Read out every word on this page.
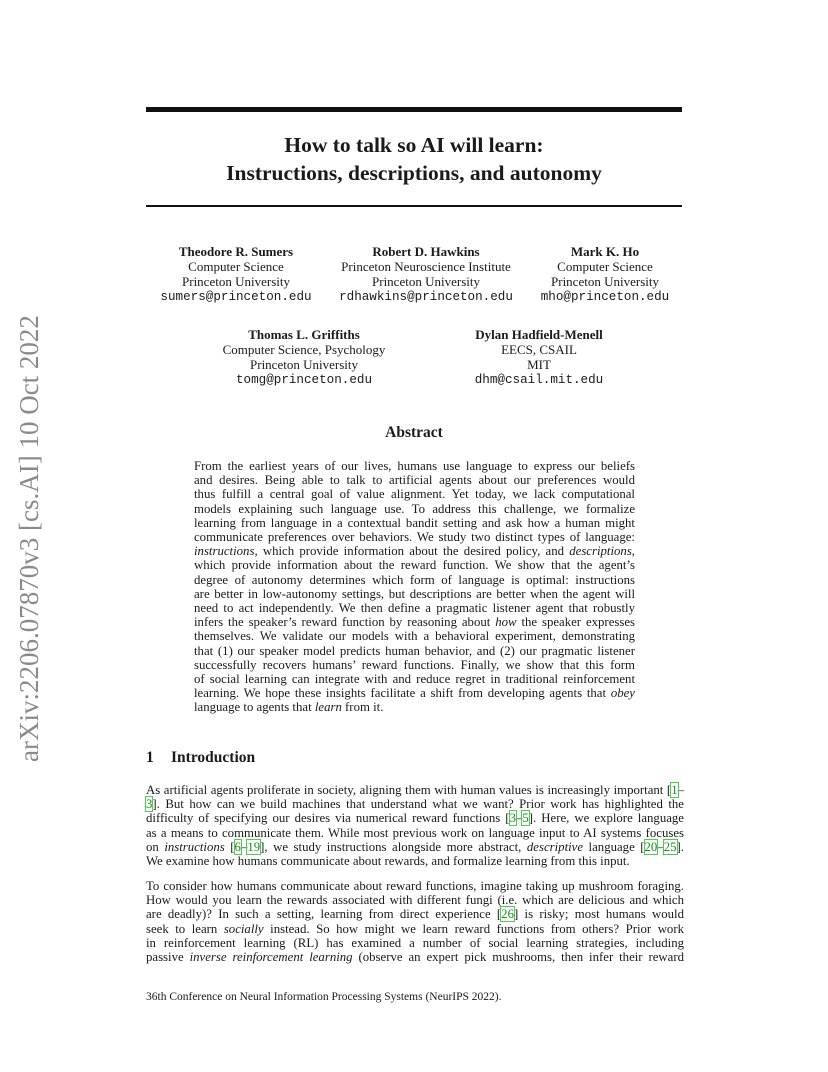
arXiv:2206.07870v3 [cs.AI] 10 Oct 2022
How to talk so AI will learn:
Instructions, descriptions, and autonomy
Theodore R. Sumers
Computer Science
Princeton University
sumers@princeton.edu
Robert D. Hawkins
Princeton Neuroscience Institute
Princeton University
rdhawkins@princeton.edu
Mark K. Ho
Computer Science
Princeton University
mho@princeton.edu
Thomas L. Griffiths
Computer Science, Psychology
Princeton University
tomg@princeton.edu
Dylan Hadfield-Menell
EECS, CSAIL
MIT
dhm@csail.mit.edu
Abstract
From the earliest years of our lives, humans use language to express our beliefs
and desires. Being able to talk to artificial agents about our preferences would
thus fulfill a central goal of value alignment. Yet today, we lack computational
models explaining such language use. To address this challenge, we formalize
learning from language in a contextual bandit setting and ask how a human might
communicate preferences over behaviors. We study two distinct types of language:
instructions, which provide information about the desired policy, and descriptions,
which provide information about the reward function. We show that the agent’s
degree of autonomy determines which form of language is optimal: instructions
are better in low-autonomy settings, but descriptions are better when the agent will
need to act independently. We then define a pragmatic listener agent that robustly
infers the speaker’s reward function by reasoning about how the speaker expresses
themselves. We validate our models with a behavioral experiment, demonstrating
that (1) our speaker model predicts human behavior, and (2) our pragmatic listener
successfully recovers humans’ reward functions. Finally, we show that this form
of social learning can integrate with and reduce regret in traditional reinforcement
learning. We hope these insights facilitate a shift from developing agents that obey
language to agents that learn from it.
1 Introduction
As artificial agents proliferate in society, aligning them with human values is increasingly important [1–
3]. But how can we build machines that understand what we want? Prior work has highlighted the
difficulty of specifying our desires via numerical reward functions [3–5]. Here, we explore language
as a means to communicate them. While most previous work on language input to AI systems focuses
on instructions [6–19], we study instructions alongside more abstract, descriptive language [20–25].
We examine how humans communicate about rewards, and formalize learning from this input.
To consider how humans communicate about reward functions, imagine taking up mushroom foraging.
How would you learn the rewards associated with different fungi (i.e. which are delicious and which
are deadly)? In such a setting, learning from direct experience [26] is risky; most humans would
seek to learn socially instead. So how might we learn reward functions from others? Prior work
in reinforcement learning (RL) has examined a number of social learning strategies, including
passive inverse reinforcement learning (observe an expert pick mushrooms, then infer their reward
36th Conference on Neural Information Processing Systems (NeurIPS 2022).
